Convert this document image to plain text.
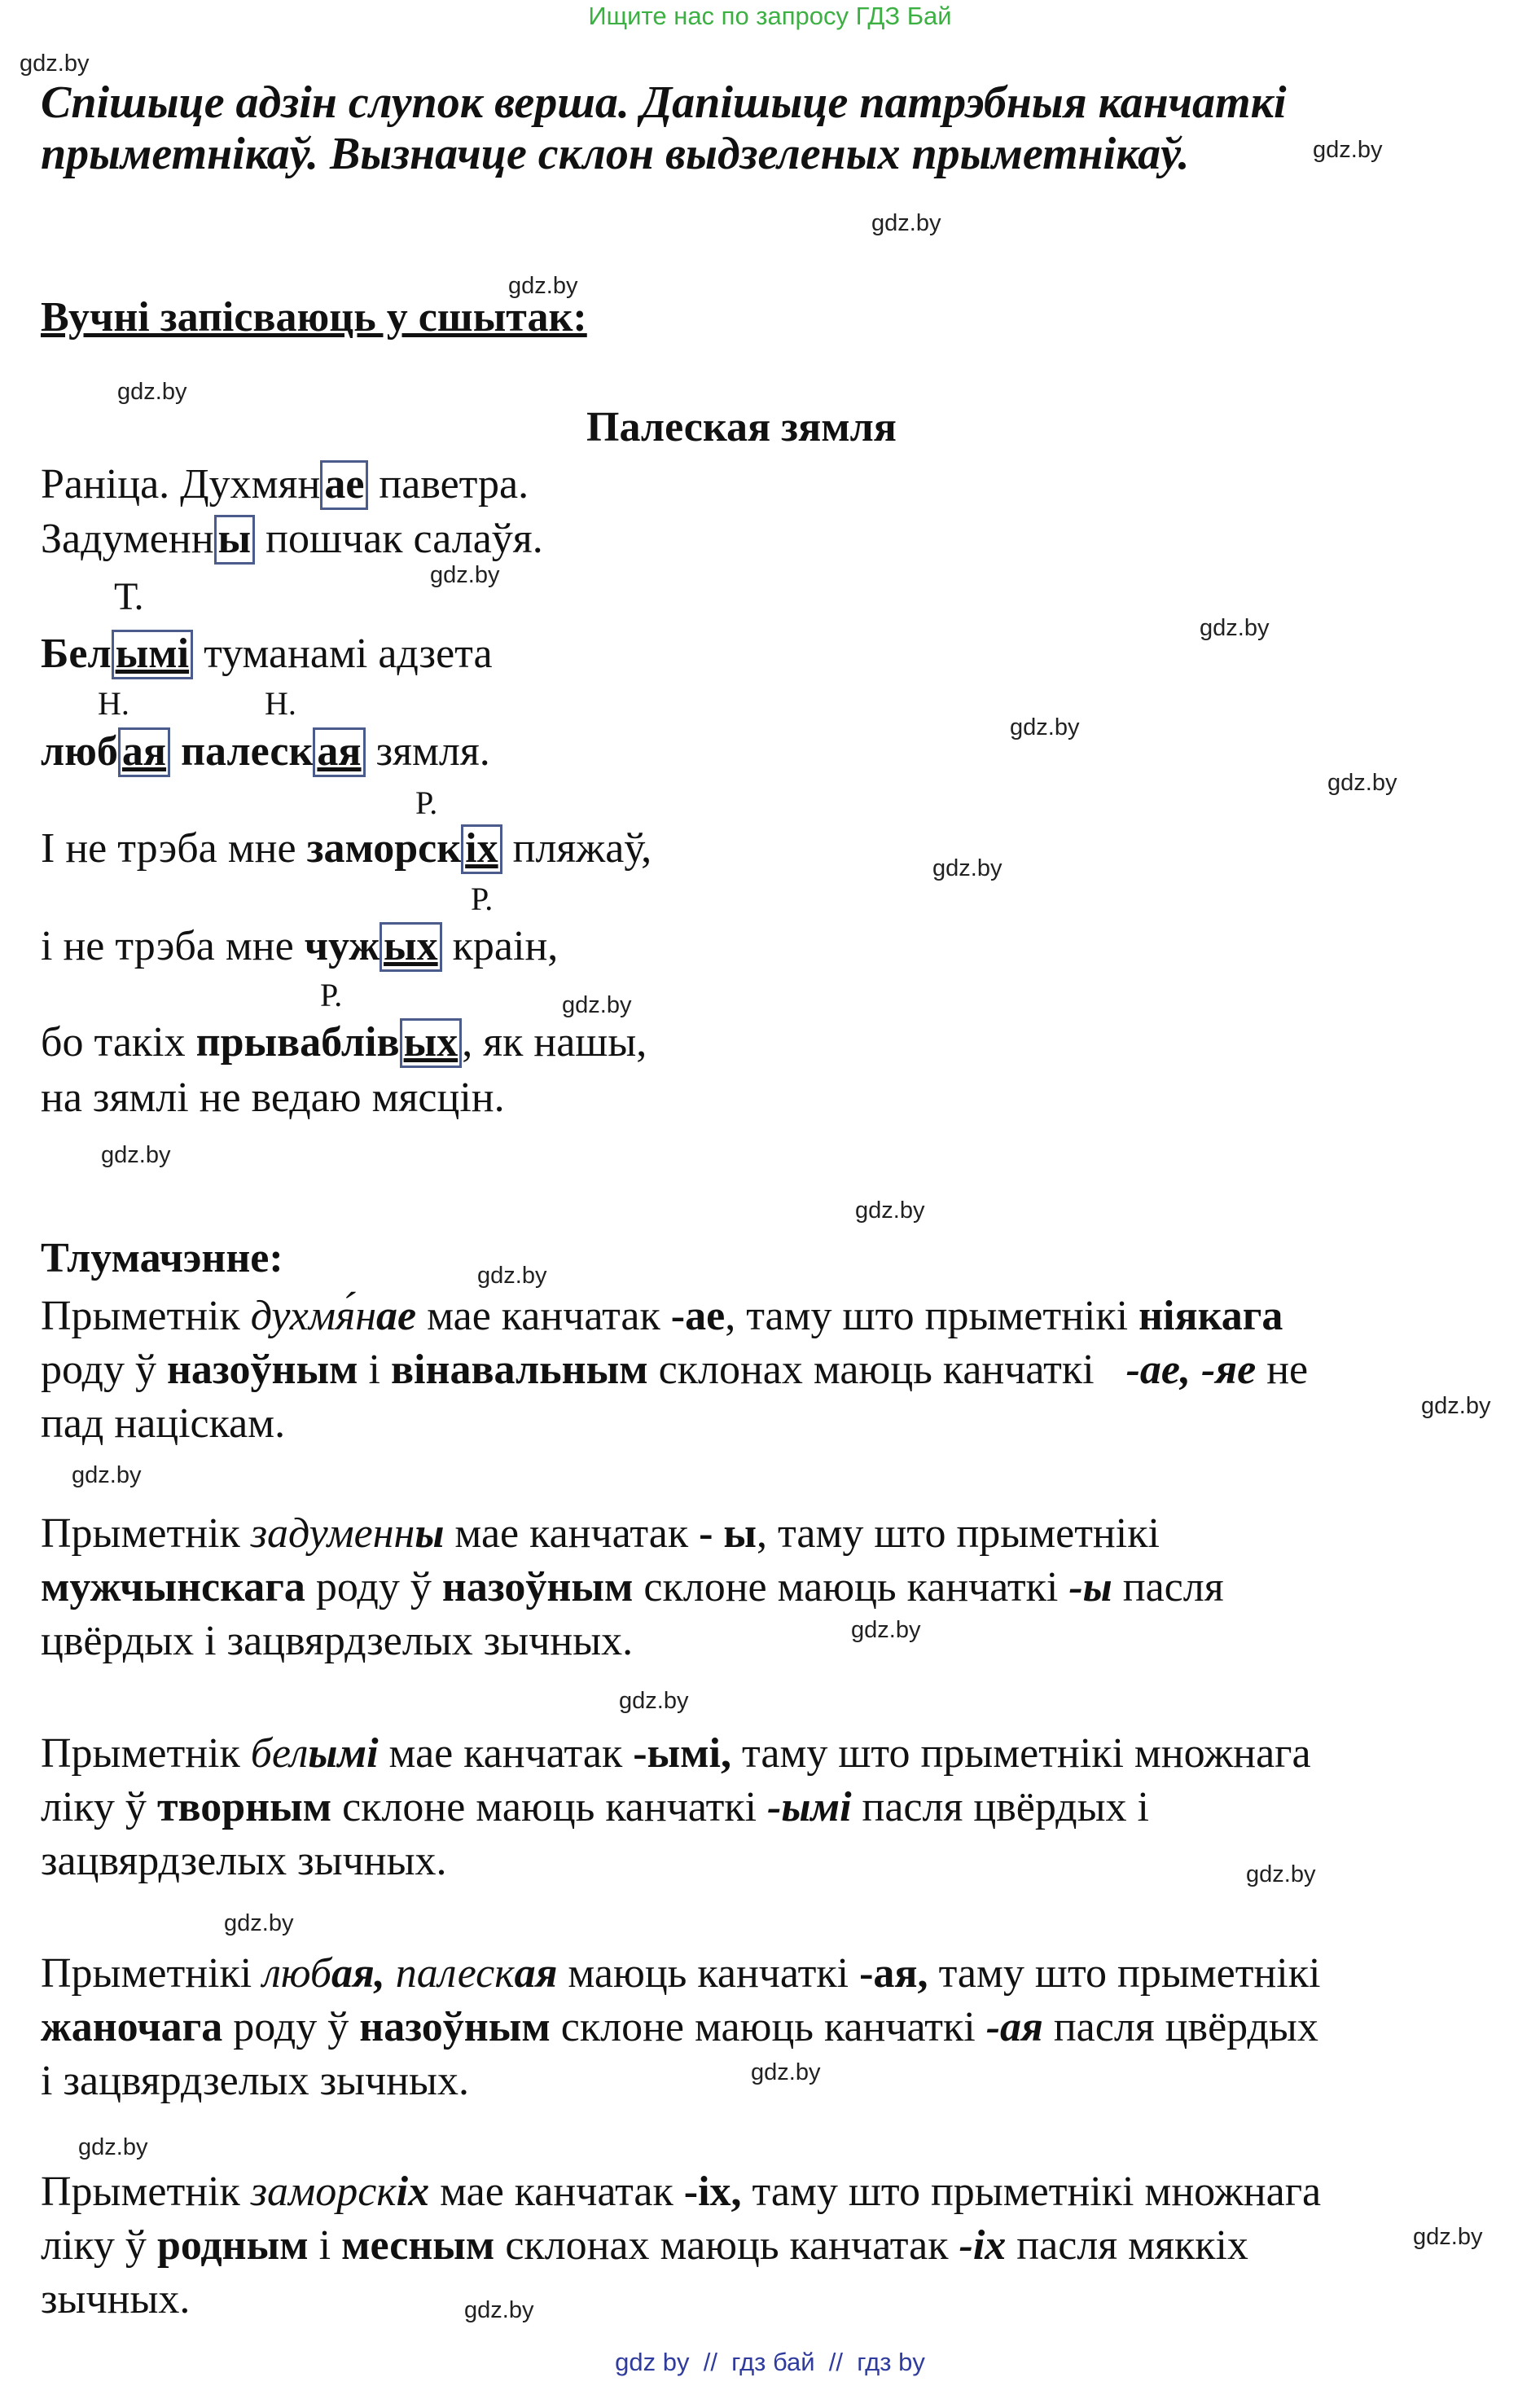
Ищите нас по запросу ГДЗ Бай
gdz.by
gdz.by
gdz.by
gdz.by
gdz.by
gdz.by
gdz.by
gdz.by
gdz.by
gdz.by
gdz.by
gdz.by
gdz.by
gdz.by
gdz.by
gdz.by
gdz.by
gdz.by
gdz.by
gdz.by
gdz.by
gdz.by
gdz.by
gdz.by
Спішыце адзін слупок верша. Дапішыце патрэбныя канчаткі
прыметнікаў. Вызначце склон выдзеленых прыметнікаў.
Вучні запісваюць у сшытак:
Палеская зямля
Раніца. Духмянае паветра.
Задуменны пошчак салаўя.
Т.
Белымі туманамі адзета
Н.	Н.
любая палеская зямля.
Р.
І не трэба мне заморскіх пляжаў,
Р.
і не трэба мне чужых краін,
Р.
бо такіх прываблівых, як нашы,
на зямлі не ведаю мясцін.
Тлумачэнне:
Прыметнік духмя́нае мае канчатак -ае, таму што прыметнікі ніякага
роду ў назоўным і вінавальным склонах маюць канчаткі   -ае, -яе не
пад націскам.
Прыметнік задуменны мае канчатак - ы, таму што прыметнікі
мужчынскага роду ў назоўным склоне маюць канчаткі -ы пасля
цвёрдых і зацвярдзелых зычных.
Прыметнік белымі мае канчатак -ымі, таму што прыметнікі множнага
ліку ў творным склоне маюць канчаткі -ымі пасля цвёрдых і
зацвярдзелых зычных.
Прыметнікі любая, палеская маюць канчаткі -ая, таму што прыметнікі
жаночага роду ў назоўным склоне маюць канчаткі -ая пасля цвёрдых
і зацвярдзелых зычных.
Прыметнік заморскіх мае канчатак -іх, таму што прыметнікі множнага
ліку ў родным і месным склонах маюць канчатак -іх пасля мяккіх
зычных.
gdz by  //  гдз бай  //  гдз by
